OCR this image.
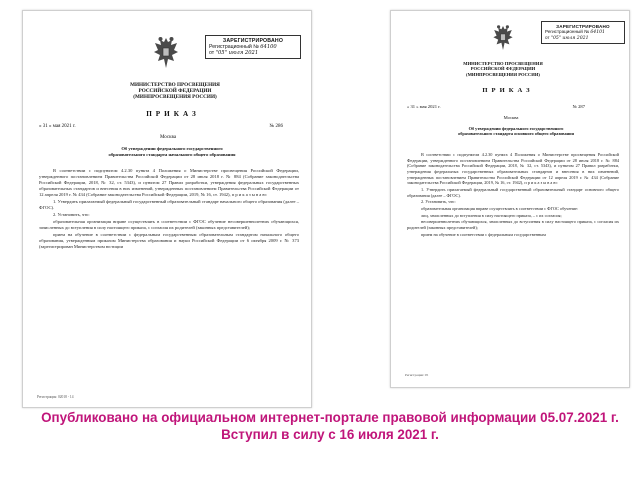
ЗАРЕГИСТРИРОВАНО
Регистрационный № 64100
от "05" июля 2021
МИНИСТЕРСТВО ПРОСВЕЩЕНИЯ
РОССИЙСКОЙ ФЕДЕРАЦИИ
(МИНПРОСВЕЩЕНИЯ РОССИИ)
ПРИКАЗ
« 31 » мая 2021 г.	№ 286
Москва
Об утверждении федерального государственного
образовательного стандарта начального общего образования

В соответствии с подпунктом 4.2.30 пункта 4 Положения о Министерстве просвещения Российской Федерации, утвержденного постановлением Правительства Российской Федерации от 28 июля 2018 г. № 884 (Собрание законодательства Российской Федерации, 2018, № 32, ст. 5343), и пунктом 27 Правил разработки, утверждения федеральных государственных образовательных стандартов и внесения в них изменений, утвержденных постановлением Правительства Российской Федерации от 12 апреля 2019 г. № 434 (Собрание законодательства Российской Федерации, 2019, № 16, ст. 1942), п р и к а з ы в а ю:

1. Утвердить прилагаемый федеральный государственный образовательный стандарт начального общего образования (далее – ФГОС).

2. Установить, что:

образовательная организация вправе осуществлять в соответствии с ФГОС обучение несовершеннолетних обучающихся, зачисленных до вступления в силу настоящего приказа, с согласия их родителей (законных представителей);

прием на обучение в соответствии с федеральным государственным образовательным стандартом начального общего образования, утвержденным приказом Министерства образования и науки Российской Федерации от 6 октября 2009 г. № 373 (зарегистрирован Министерством юстиции

Регистрация: 02018 - 14
ЗАРЕГИСТРИРОВАНО
Регистрационный № 64101
от "05" июля 2021
МИНИСТЕРСТВО ПРОСВЕЩЕНИЯ
РОССИЙСКОЙ ФЕДЕРАЦИИ
(МИНПРОСВЕЩЕНИЯ РОССИИ)
ПРИКАЗ
« 31 » мая 2021 г.	№ 287
Москва
Об утверждении федерального государственного
образовательного стандарта основного общего образования

В соответствии с подпунктом 4.2.30 пункта 4 Положения о Министерстве просвещения Российской Федерации, утвержденного постановлением Правительства Российской Федерации от 28 июля 2018 г. № 884 (Собрание законодательства Российской Федерации, 2018, № 32, ст. 5343), и пунктом 27 Правил разработки, утверждения федеральных государственных образовательных стандартов и внесения в них изменений, утвержденных постановлением Правительства Российской Федерации от 12 апреля 2019 г. № 434 (Собрание законодательства Российской Федерации, 2019, № 16, ст. 1942), п р и к а з ы в а ю:

1. Утвердить прилагаемый федеральный государственный образовательный стандарт основного общего образования (далее – ФГОС).

2. Установить, что:

образовательная организация вправе осуществлять в соответствии с ФГОС обучение:

лиц, зачисленных до вступления в силу настоящего приказа, – с их согласия;

несовершеннолетних обучающихся, зачисленных до вступления в силу настоящего приказа, с согласия их родителей (законных представителей);

прием на обучение в соответствии с федеральным государственным

Регистрация: 05
Опубликовано на официальном интернет-портале правовой информации 05.07.2021 г.
Вступил в силу с 16 июля 2021 г.
